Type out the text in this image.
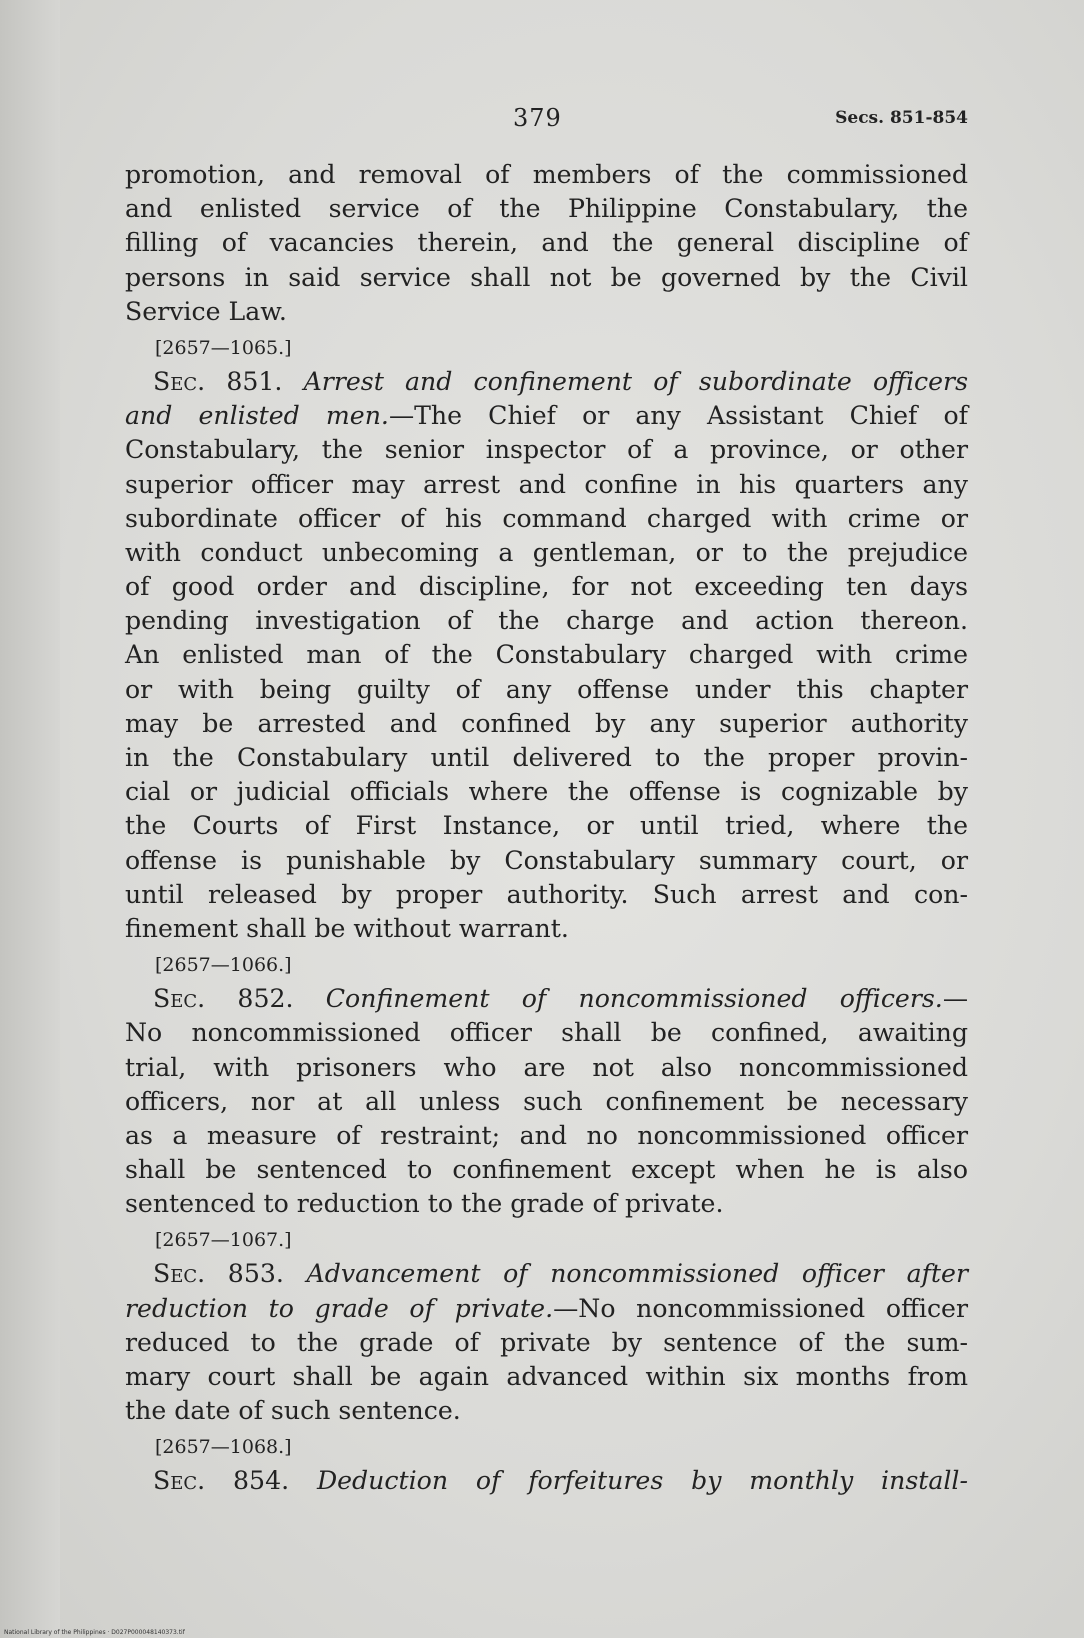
379	Secs. 851-854
promotion, and removal of members of the commissioned
and enlisted service of the Philippine Constabulary, the
filling of vacancies therein, and the general discipline of
persons in said service shall not be governed by the Civil
Service Law.
[2657—1065.]
Sec. 851. Arrest and confinement of subordinate officers
and enlisted men.—The Chief or any Assistant Chief of
Constabulary, the senior inspector of a province, or other
superior officer may arrest and confine in his quarters any
subordinate officer of his command charged with crime or
with conduct unbecoming a gentleman, or to the prejudice
of good order and discipline, for not exceeding ten days
pending investigation of the charge and action thereon.
An enlisted man of the Constabulary charged with crime
or with being guilty of any offense under this chapter
may be arrested and confined by any superior authority
in the Constabulary until delivered to the proper provin-
cial or judicial officials where the offense is cognizable by
the Courts of First Instance, or until tried, where the
offense is punishable by Constabulary summary court, or
until released by proper authority. Such arrest and con-
finement shall be without warrant.
[2657—1066.]
Sec. 852. Confinement of noncommissioned officers.—
No noncommissioned officer shall be confined, awaiting
trial, with prisoners who are not also noncommissioned
officers, nor at all unless such confinement be necessary
as a measure of restraint; and no noncommissioned officer
shall be sentenced to confinement except when he is also
sentenced to reduction to the grade of private.
[2657—1067.]
Sec. 853. Advancement of noncommissioned officer after
reduction to grade of private.—No noncommissioned officer
reduced to the grade of private by sentence of the sum-
mary court shall be again advanced within six months from
the date of such sentence.
[2657—1068.]
Sec. 854. Deduction of forfeitures by monthly install-
National Library of the Philippines · D027P000048140373.tif
